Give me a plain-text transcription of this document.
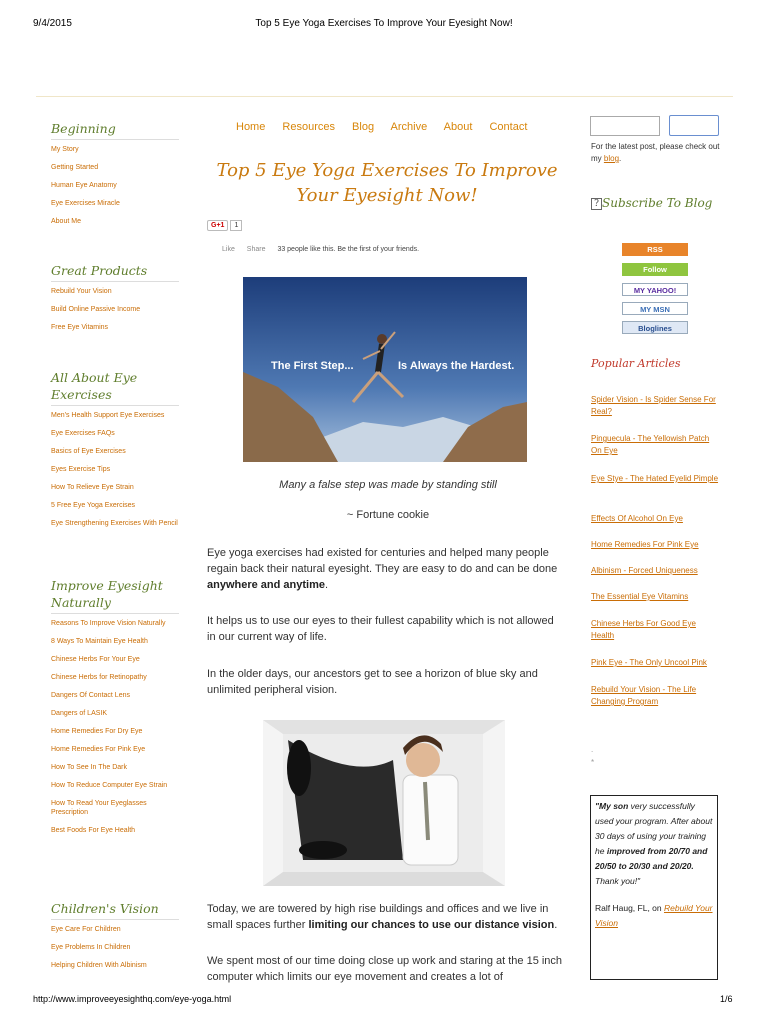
9/4/2015	Top 5 Eye Yoga Exercises To Improve Your Eyesight Now!
Beginning
My Story
Getting Started
Human Eye Anatomy
Eye Exercises Miracle
About Me
Great Products
Rebuild Your Vision
Build Online Passive Income
Free Eye Vitamins
All About Eye Exercises
Men's Health Support Eye Exercises
Eye Exercises FAQs
Basics of Eye Exercises
Eyes Exercise Tips
How To Relieve Eye Strain
5 Free Eye Yoga Exercises
Eye Strengthening Exercises With Pencil
Improve Eyesight Naturally
Reasons To Improve Vision Naturally
8 Ways To Maintain Eye Health
Chinese Herbs For Your Eye
Chinese Herbs for Retinopathy
Dangers Of Contact Lens
Dangers of LASIK
Home Remedies For Dry Eye
Home Remedies For Pink Eye
How To See In The Dark
How To Reduce Computer Eye Strain
How To Read Your Eyeglasses Prescription
Best Foods For Eye Health
Children's Vision
Eye Care For Children
Eye Problems In Children
Helping Children With Albinism
Home Resources Blog Archive About Contact
Top 5 Eye Yoga Exercises To Improve Your Eyesight Now!
G+1 1
Like Share 33 people like this. Be the first of your friends.
The First Step...	Is Always the Hardest.
Many a false step was made by standing still
~ Fortune cookie
Eye yoga exercises had existed for centuries and helped many people regain back their natural eyesight. They are easy to do and can be done anywhere and anytime.
It helps us to use our eyes to their fullest capability which is not allowed in our current way of life.
In the older days, our ancestors get to see a horizon of blue sky and unlimited peripheral vision.
Today, we are towered by high rise buildings and offices and we live in small spaces further limiting our chances to use our distance vision.
We spent most of our time doing close up work and staring at the 15 inch computer which limits our eye movement and creates a lot of
For the latest post, please check out my blog.
? Subscribe To Blog
RSS
Follow
MY YAHOO!
MY MSN
Bloglines
Popular Articles
Spider Vision - Is Spider Sense For Real?
Pinguecula - The Yellowish Patch On Eye
Eye Stye - The Hated Eyelid Pimple
Effects Of Alcohol On Eye
Home Remedies For Pink Eye
Albinism - Forced Uniqueness
The Essential Eye Vitamins
Chinese Herbs For Good Eye Health
Pink Eye - The Only Uncool Pink
Rebuild Your Vision - The Life Changing Program
.
*
"My son very successfully used your program. After about 30 days of using your training he improved from 20/70 and 20/50 to 20/30 and 20/20. Thank you!"
Ralf Haug, FL, on Rebuild Your Vision
http://www.improveeyesighthq.com/eye-yoga.html	1/6
